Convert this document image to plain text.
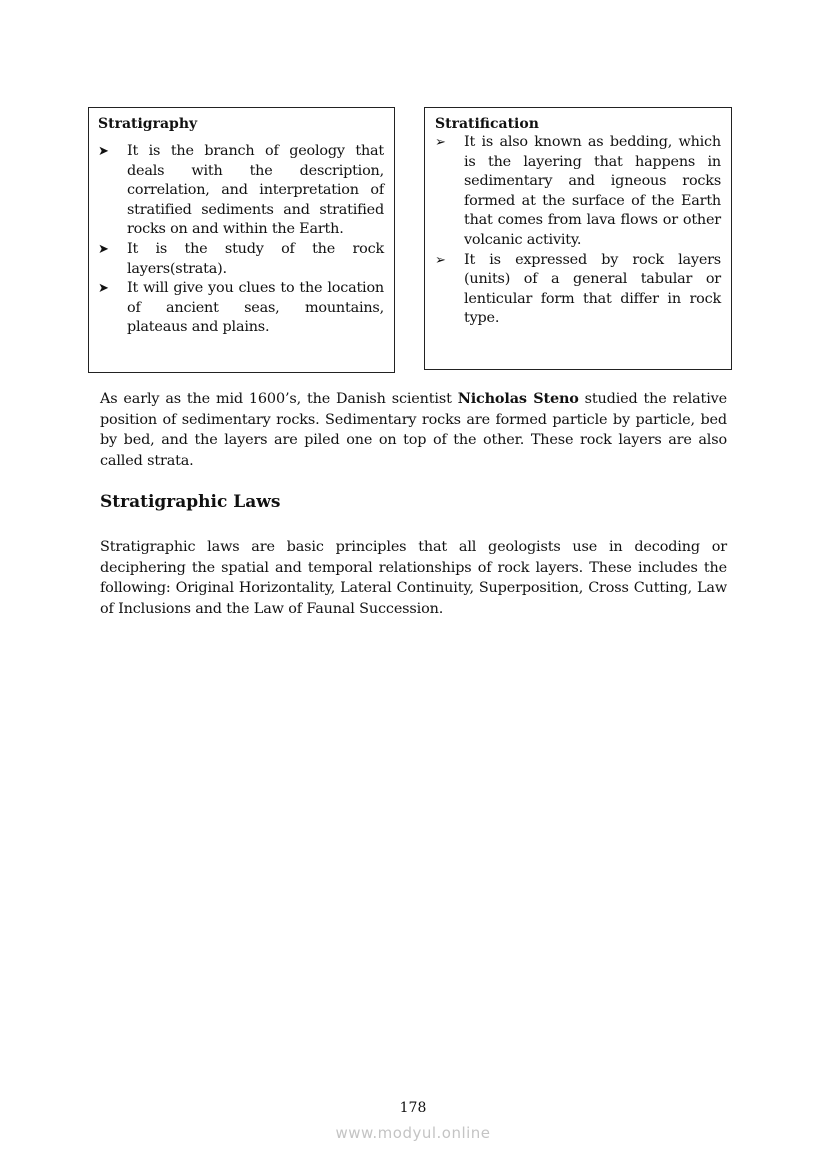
Stratigraphy
➤ It is the branch of geology that deals with the description, correlation, and interpretation of stratified sediments and stratified rocks on and within the Earth.
➤ It is the study of the rock layers(strata).
➤ It will give you clues to the location of ancient seas, mountains, plateaus and plains.
Stratification
➢ It is also known as bedding, which is the layering that happens in sedimentary and igneous rocks formed at the surface of the Earth that comes from lava flows or other volcanic activity.
➢ It is expressed by rock layers (units) of a general tabular or lenticular form that differ in rock type.

As early as the mid 1600’s, the Danish scientist Nicholas Steno studied the relative position of sedimentary rocks. Sedimentary rocks are formed particle by particle, bed by bed, and the layers are piled one on top of the other. These rock layers are also called strata.

Stratigraphic Laws

Stratigraphic laws are basic principles that all geologists use in decoding or deciphering the spatial and temporal relationships of rock layers. These includes the following: Original Horizontality, Lateral Continuity, Superposition, Cross Cutting, Law of Inclusions and the Law of Faunal Succession.

178
www.modyul.online
